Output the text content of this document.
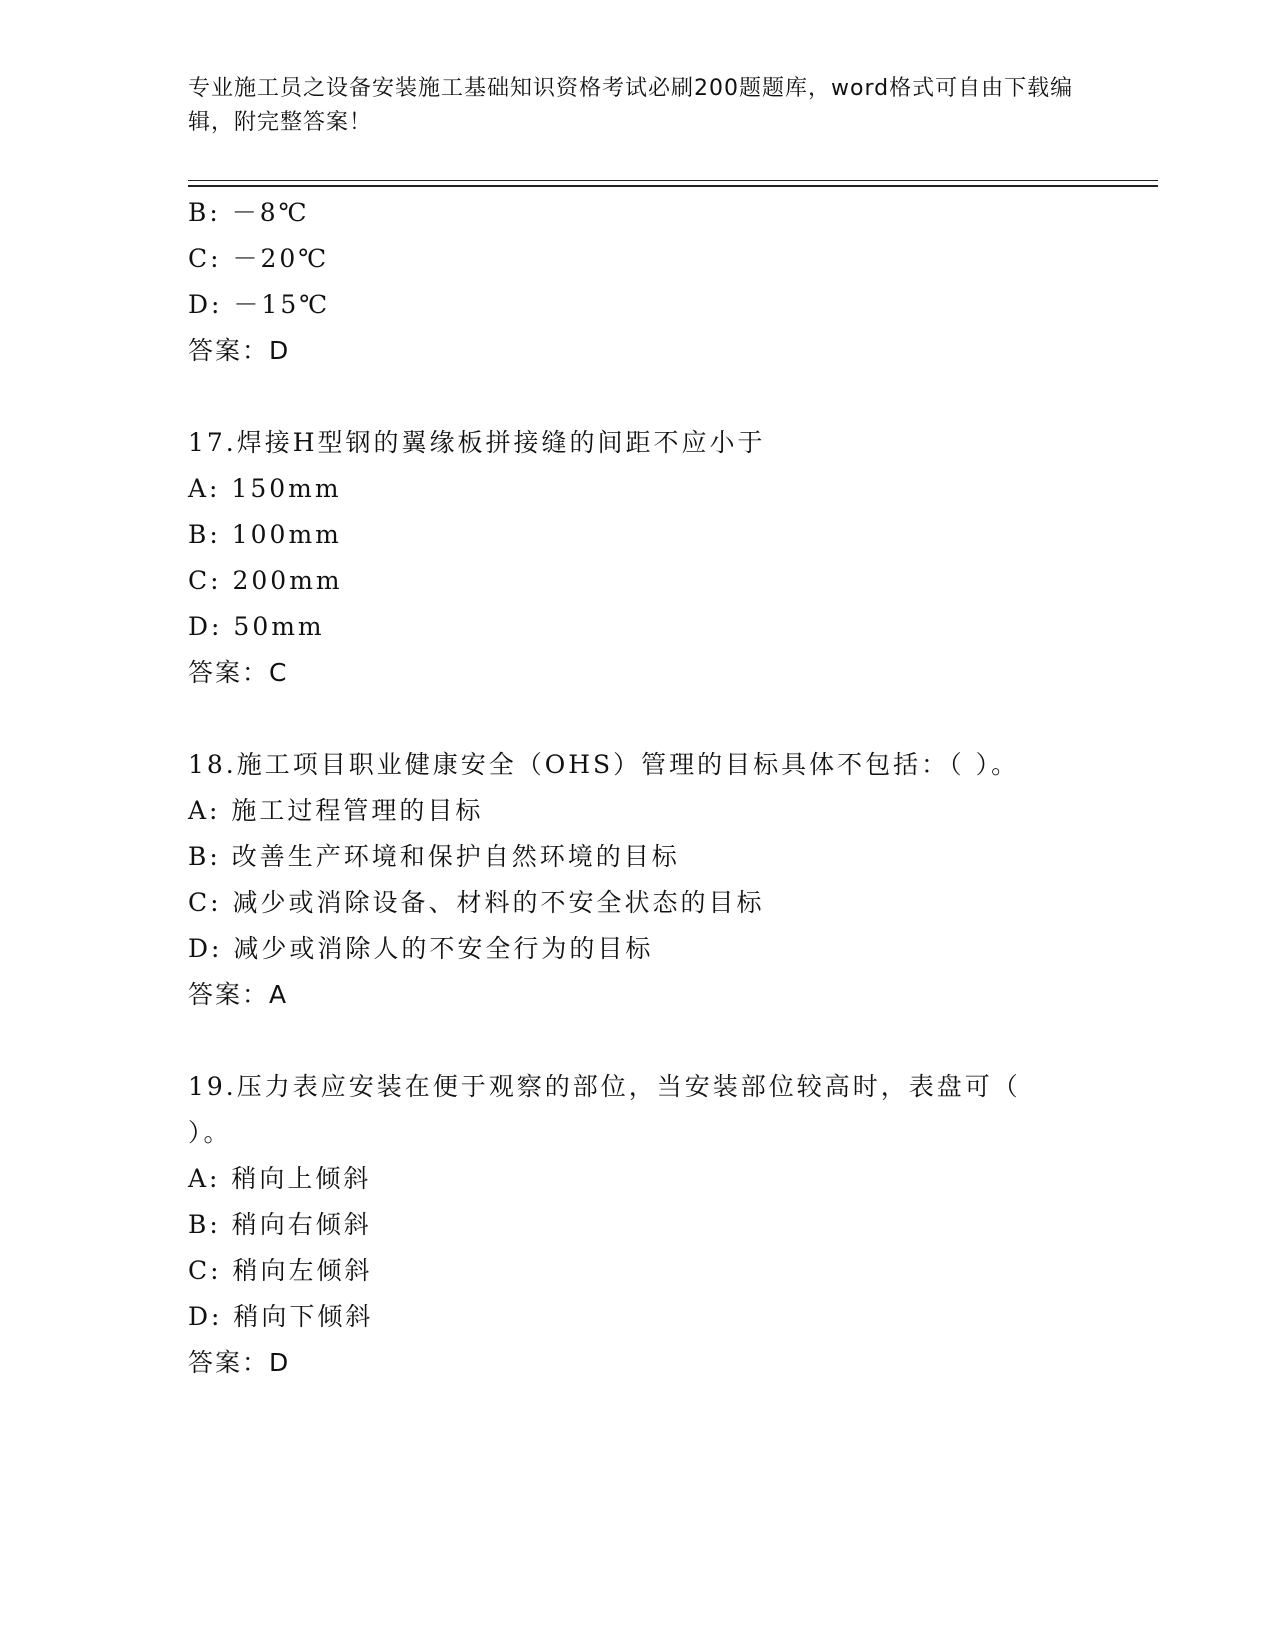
专业施工员之设备安装施工基础知识资格考试必刷200题题库，word格式可自由下载编辑，附完整答案！
B: －8℃
C: －20℃
D: －15℃
答案：D
17.焊接H型钢的翼缘板拼接缝的间距不应小于
A: 150mm
B: 100mm
C: 200mm
D: 50mm
答案：C
18.施工项目职业健康安全（OHS）管理的目标具体不包括：（ ）。
A: 施工过程管理的目标
B: 改善生产环境和保护自然环境的目标
C: 减少或消除设备、材料的不安全状态的目标
D: 减少或消除人的不安全行为的目标
答案：A
19.压力表应安装在便于观察的部位，当安装部位较高时，表盘可（ ）。
A: 稍向上倾斜
B: 稍向右倾斜
C: 稍向左倾斜
D: 稍向下倾斜
答案：D
